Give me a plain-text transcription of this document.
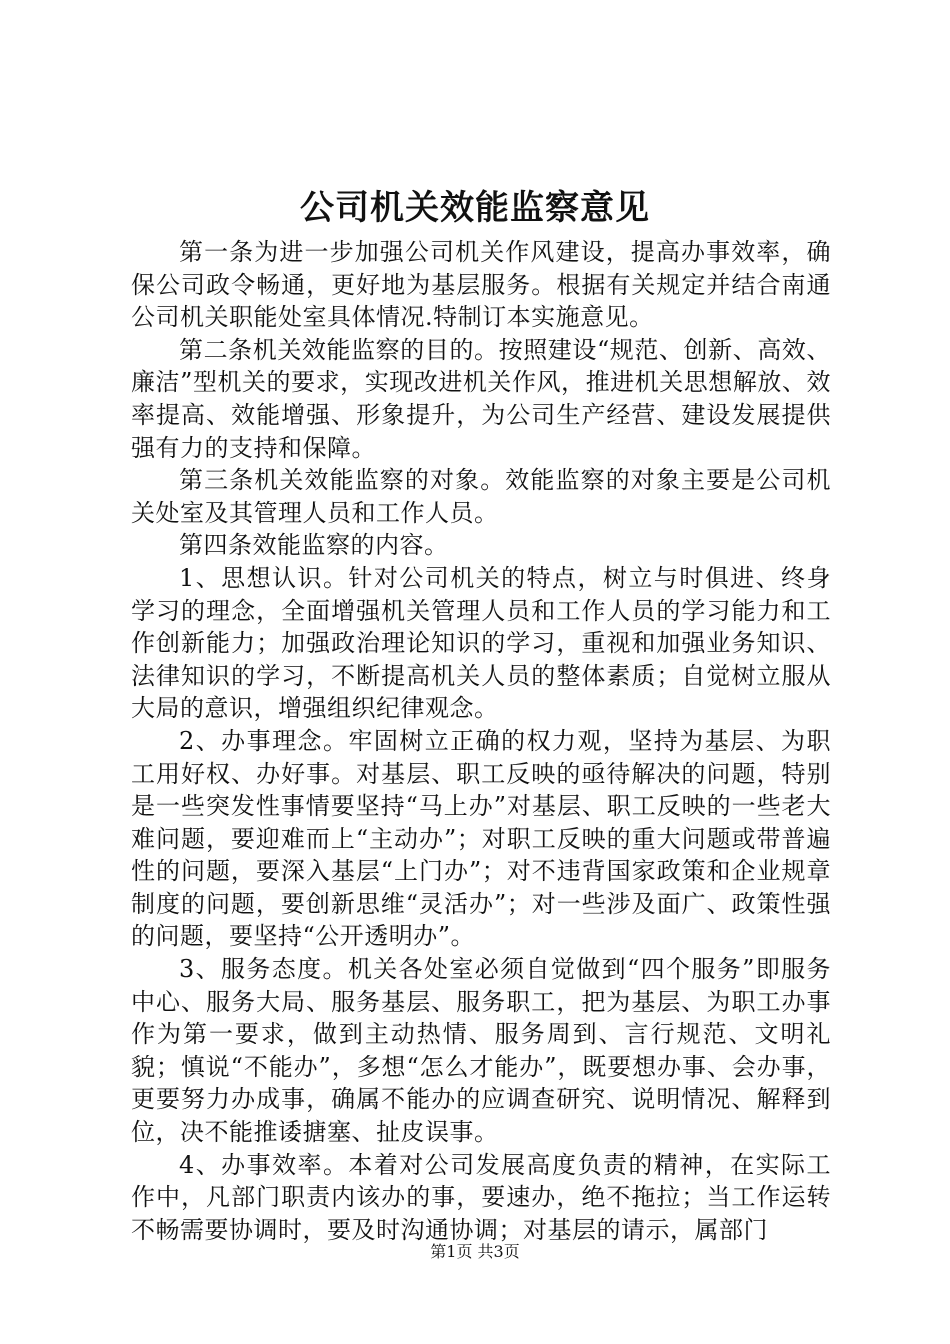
公司机关效能监察意见

第一条为进一步加强公司机关作风建设，提高办事效率，确保公司政令畅通，更好地为基层服务。根据有关规定并结合南通公司机关职能处室具体情况.特制订本实施意见。

第二条机关效能监察的目的。按照建设“规范、创新、高效、廉洁”型机关的要求，实现改进机关作风，推进机关思想解放、效率提高、效能增强、形象提升，为公司生产经营、建设发展提供强有力的支持和保障。

第三条机关效能监察的对象。效能监察的对象主要是公司机关处室及其管理人员和工作人员。

第四条效能监察的内容。

1、思想认识。针对公司机关的特点，树立与时俱进、终身学习的理念，全面增强机关管理人员和工作人员的学习能力和工作创新能力；加强政治理论知识的学习，重视和加强业务知识、法律知识的学习，不断提高机关人员的整体素质；自觉树立服从大局的意识，增强组织纪律观念。

2、办事理念。牢固树立正确的权力观，坚持为基层、为职工用好权、办好事。对基层、职工反映的亟待解决的问题，特别是一些突发性事情要坚持“马上办”对基层、职工反映的一些老大难问题，要迎难而上“主动办”；对职工反映的重大问题或带普遍性的问题，要深入基层“上门办”；对不违背国家政策和企业规章制度的问题，要创新思维“灵活办”；对一些涉及面广、政策性强的问题，要坚持“公开透明办”。

3、服务态度。机关各处室必须自觉做到“四个服务”即服务中心、服务大局、服务基层、服务职工，把为基层、为职工办事作为第一要求，做到主动热情、服务周到、言行规范、文明礼貌；慎说“不能办”，多想“怎么才能办”，既要想办事、会办事，更要努力办成事，确属不能办的应调查研究、说明情况、解释到位，决不能推诿搪塞、扯皮误事。

4、办事效率。本着对公司发展高度负责的精神，在实际工作中，凡部门职责内该办的事，要速办，绝不拖拉；当工作运转不畅需要协调时，要及时沟通协调；对基层的请示，属部门

第1页 共3页
